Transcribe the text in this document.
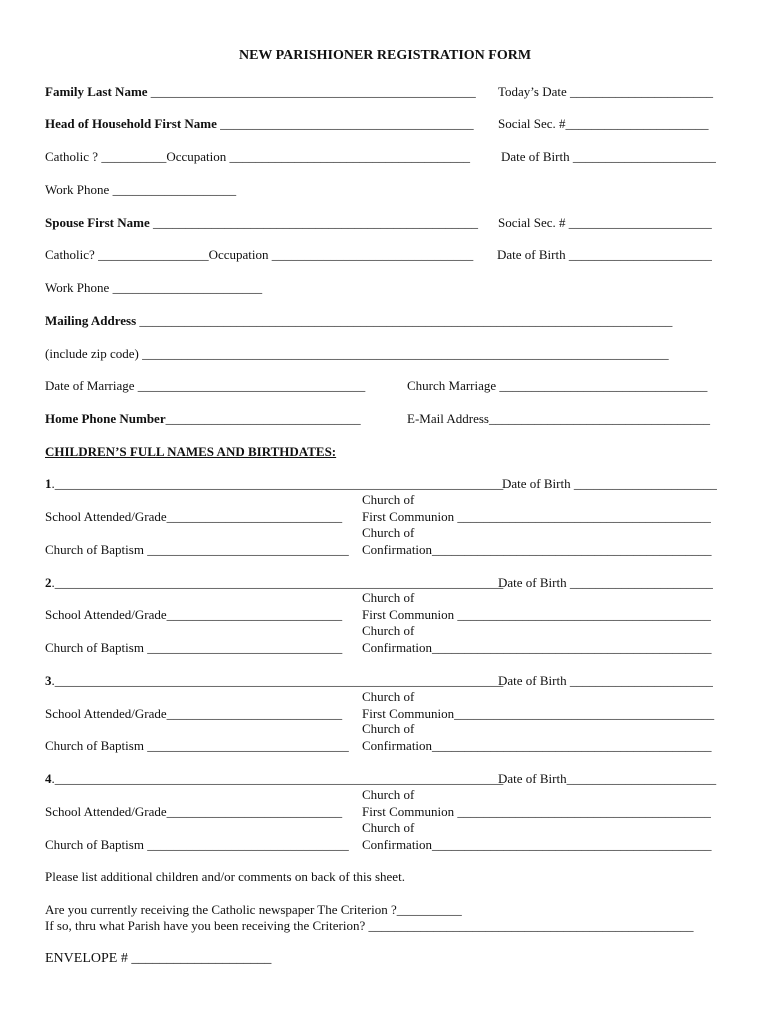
NEW PARISHIONER REGISTRATION FORM
Family Last Name __________________________________________________ Today’s Date ______________________
Head of Household First Name _______________________________________ Social Sec. #______________________
Catholic ? __________Occupation _____________________________________ Date of Birth ______________________
Work Phone ___________________
Spouse First Name __________________________________________________ Social Sec. # ______________________
Catholic? _________________Occupation _______________________________ Date of Birth ______________________
Work Phone _______________________
Mailing Address __________________________________________________________________________________
(include zip code) _________________________________________________________________________________
Date of Marriage ___________________________________	Church Marriage ________________________________
Home Phone Number______________________________	E-Mail Address__________________________________
CHILDREN’S FULL NAMES AND BIRTHDATES:
1._____________________________________________________________________
Date of Birth ______________________
Church of
School Attended/Grade___________________________ First Communion _______________________________________
Church of
Church of Baptism _______________________________ Confirmation___________________________________________
2._____________________________________________________________________
Date of Birth ______________________
Church of
School Attended/Grade___________________________ First Communion _______________________________________
Church of
Church of Baptism ______________________________ Confirmation___________________________________________
3._____________________________________________________________________
Date of Birth ______________________
Church of
School Attended/Grade___________________________ First Communion________________________________________
Church of
Church of Baptism _______________________________ Confirmation___________________________________________
4._____________________________________________________________________
Date of Birth_______________________
Church of
School Attended/Grade___________________________ First Communion _______________________________________
Church of
Church of Baptism _______________________________ Confirmation___________________________________________
Please list additional children and/or comments on back of this sheet.
Are you currently receiving the Catholic newspaper The Criterion ?__________
If so, thru what Parish have you been receiving the Criterion? __________________________________________________
ENVELOPE # ____________________
